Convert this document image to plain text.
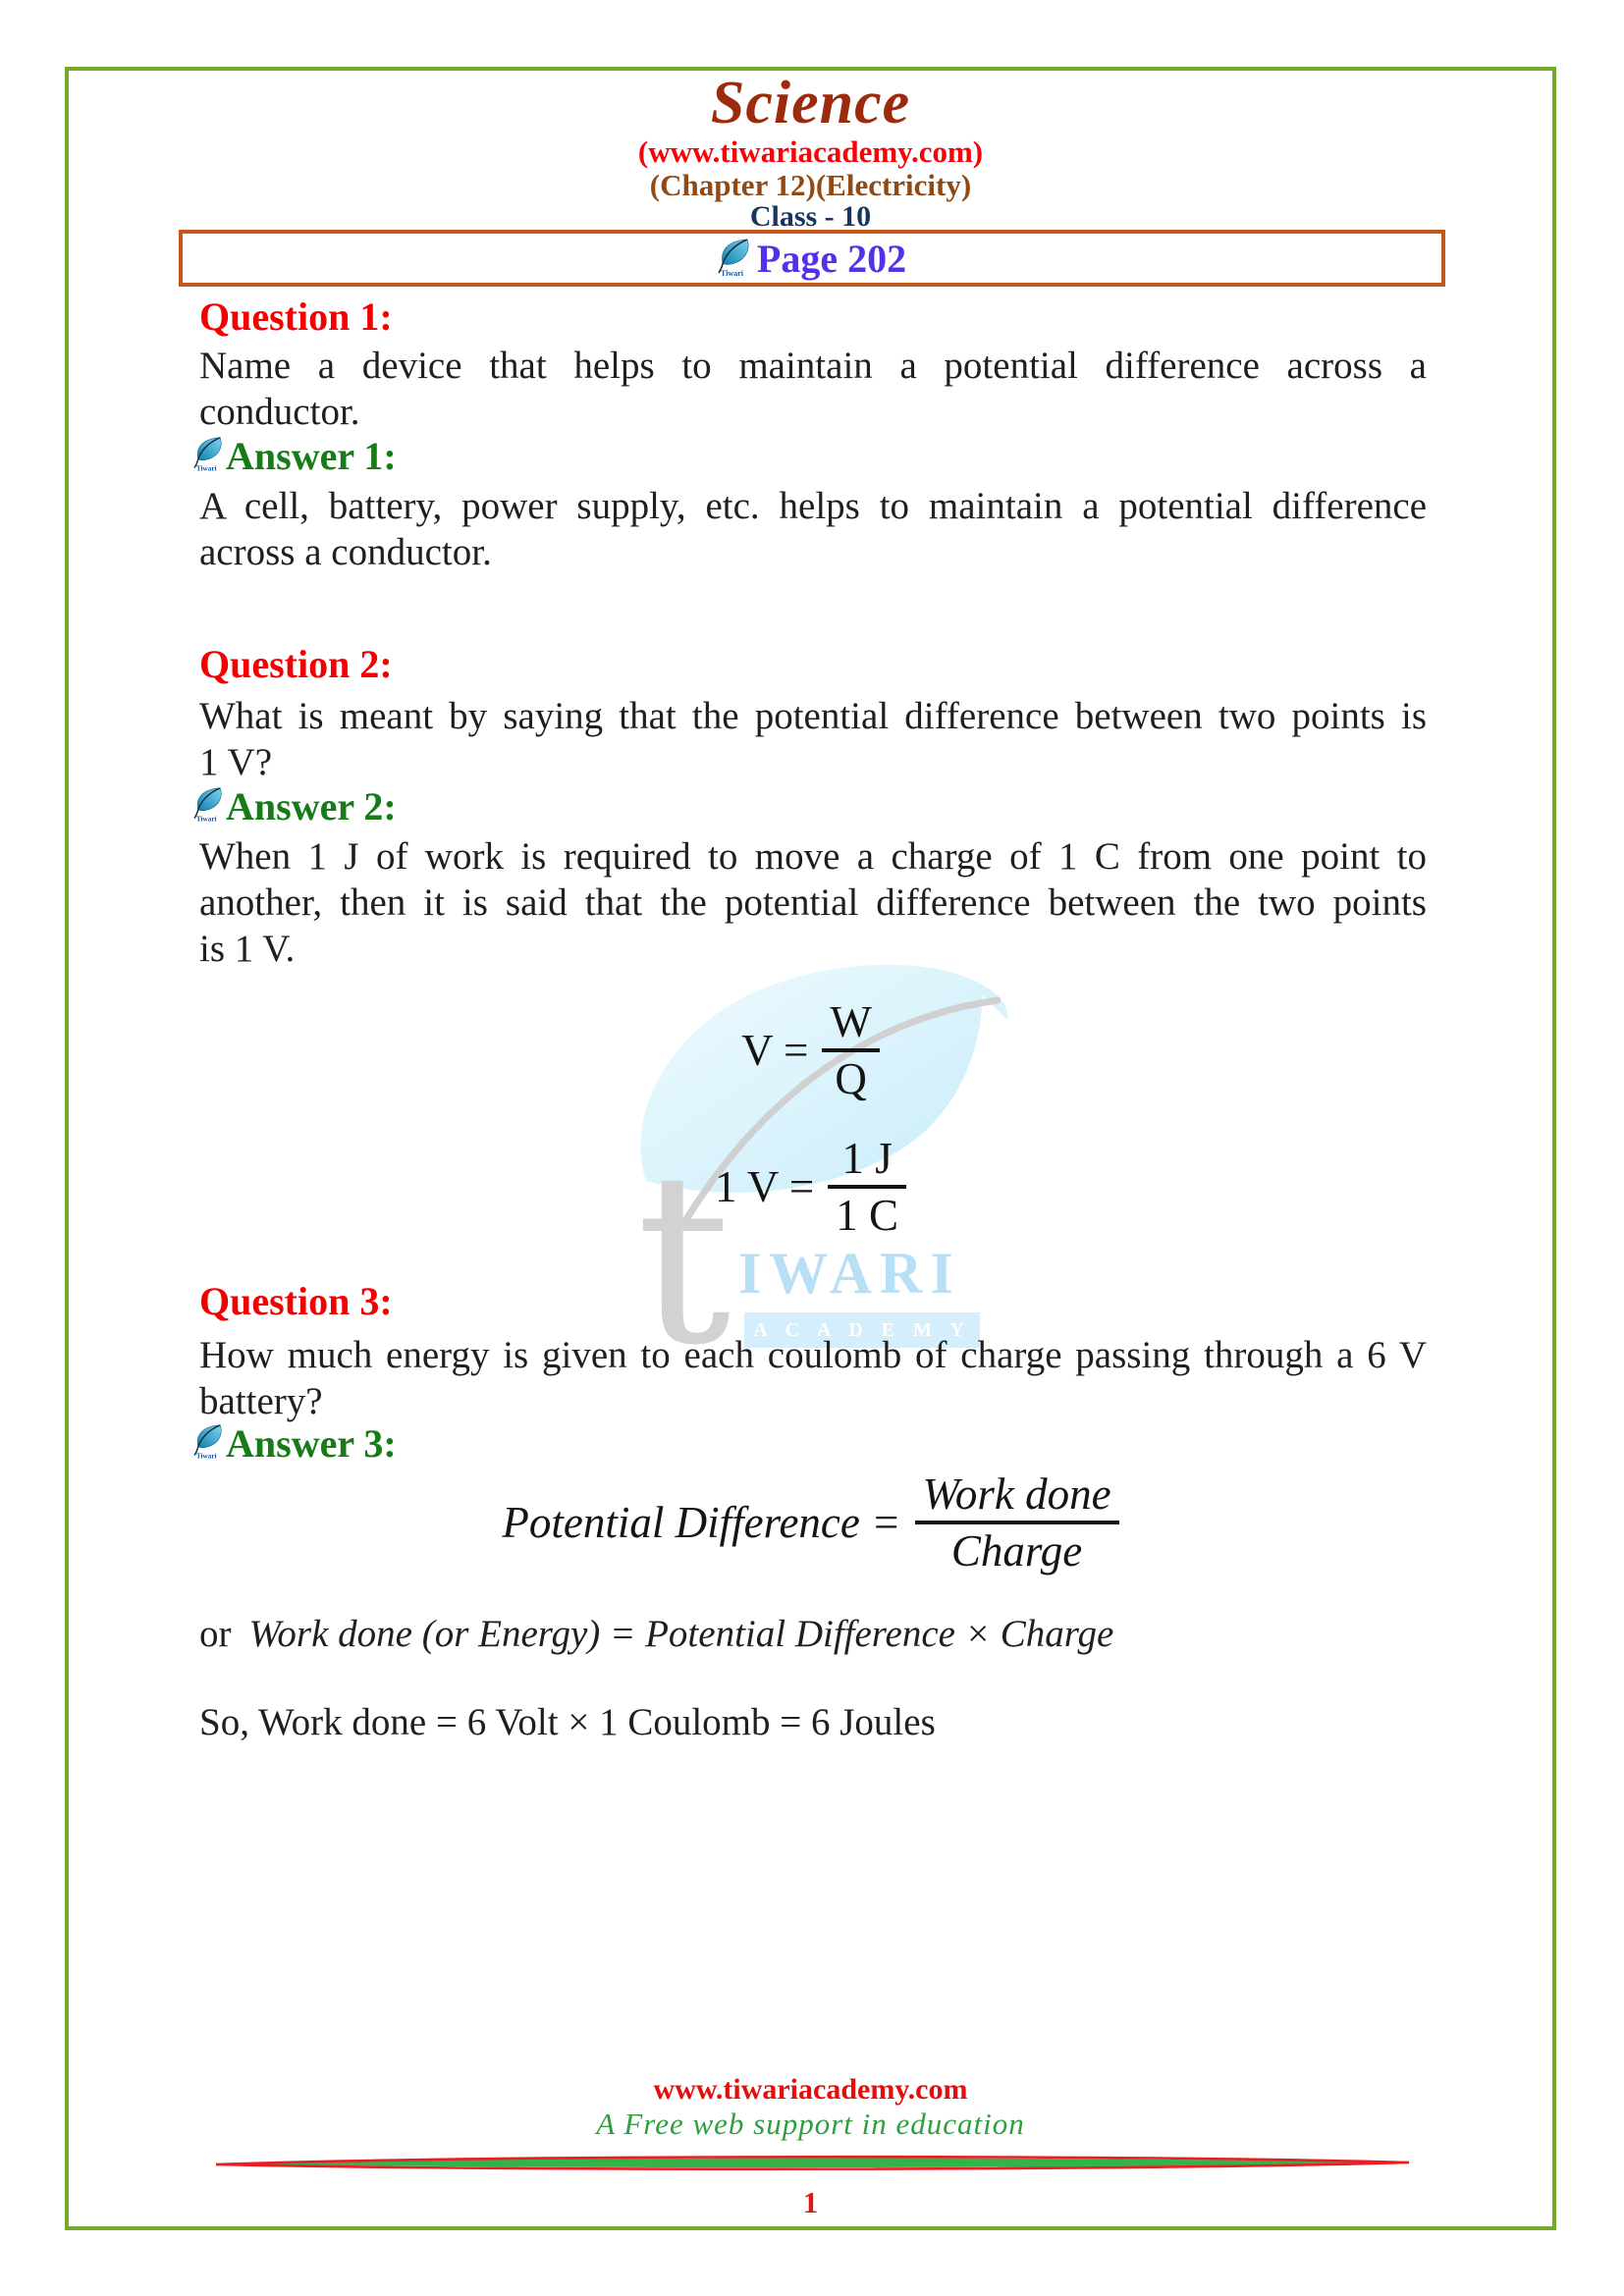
t IWARI
A C A D E M Y
Science
(www.tiwariacademy.com)
(Chapter 12)(Electricity)
Class - 10
Tiwari Page 202
Question 1:
Name a device that helps to maintain a potential difference across a
conductor.
Tiwari Answer 1:
A cell, battery, power supply, etc. helps to maintain a potential difference
across a conductor.
Question 2:
What is meant by saying that the potential difference between two points is
1 V?
Tiwari Answer 2:
When 1 J of work is required to move a charge of 1 C from one point to
another, then it is said that the potential difference between the two points
is 1 V.
$V = \frac{W}{Q}$
1 $V = \frac{1 J}{1 C}$
Question 3:
How much energy is given to each coulomb of charge passing through a 6 V
battery?
Tiwari Answer 3:
Potential Difference = $\frac{\text{Work done}}{\text{Charge}}$
or Work done (or Energy) = Potential Difference × Charge
So, Work done = 6 Volt × 1 Coulomb = 6 Joules
www.tiwariacademy.com
A Free web support in education
1
